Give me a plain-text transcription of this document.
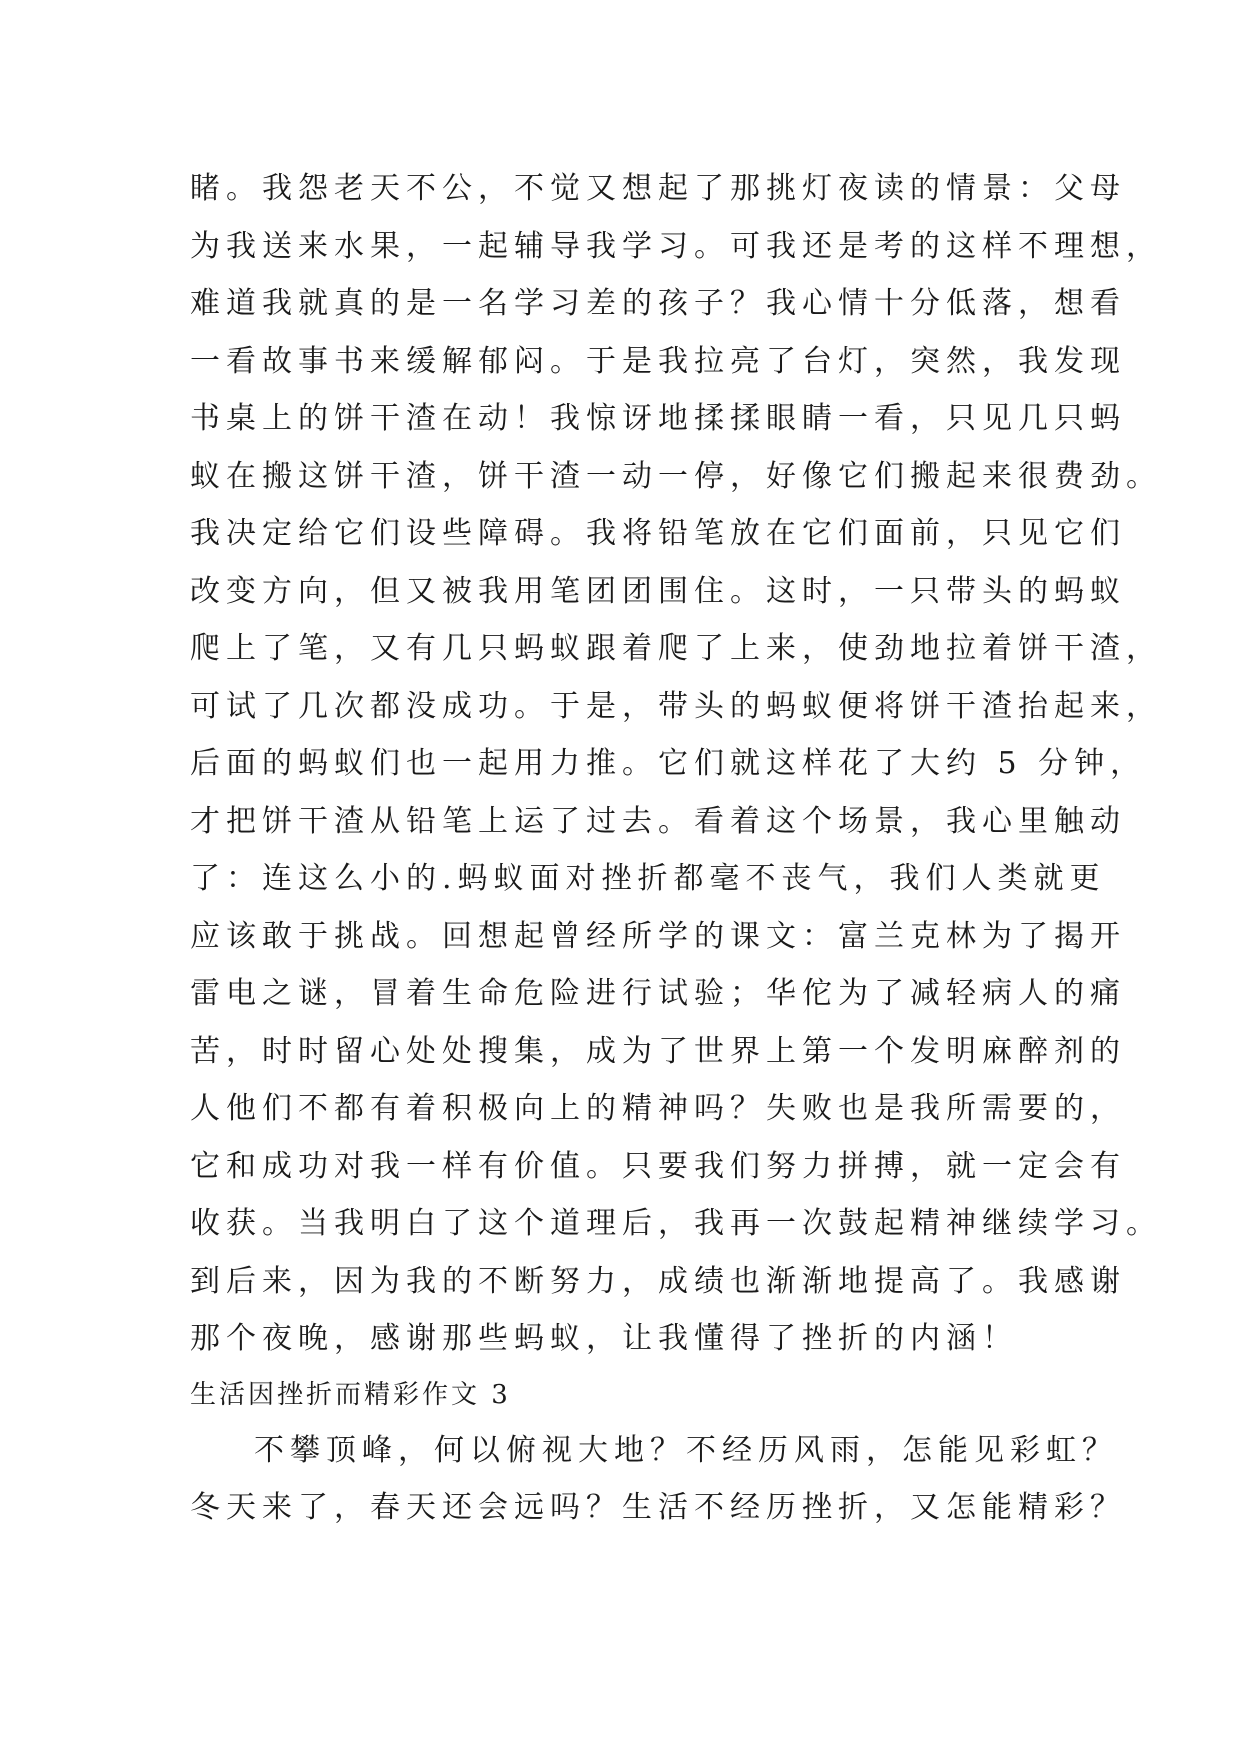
睹。我怨老天不公，不觉又想起了那挑灯夜读的情景：父母
为我送来水果，一起辅导我学习。可我还是考的这样不理想，
难道我就真的是一名学习差的孩子？我心情十分低落，想看
一看故事书来缓解郁闷。于是我拉亮了台灯，突然，我发现
书桌上的饼干渣在动！我惊讶地揉揉眼睛一看，只见几只蚂
蚁在搬这饼干渣，饼干渣一动一停，好像它们搬起来很费劲。
我决定给它们设些障碍。我将铅笔放在它们面前，只见它们
改变方向，但又被我用笔团团围住。这时，一只带头的蚂蚁
爬上了笔，又有几只蚂蚁跟着爬了上来，使劲地拉着饼干渣，
可试了几次都没成功。于是，带头的蚂蚁便将饼干渣抬起来，
后面的蚂蚁们也一起用力推。它们就这样花了大约 5 分钟，
才把饼干渣从铅笔上运了过去。看着这个场景，我心里触动
了：连这么小的.蚂蚁面对挫折都毫不丧气，我们人类就更
应该敢于挑战。回想起曾经所学的课文：富兰克林为了揭开
雷电之谜，冒着生命危险进行试验；华佗为了减轻病人的痛
苦，时时留心处处搜集，成为了世界上第一个发明麻醉剂的
人他们不都有着积极向上的精神吗？失败也是我所需要的，
它和成功对我一样有价值。只要我们努力拼搏，就一定会有
收获。当我明白了这个道理后，我再一次鼓起精神继续学习。
到后来，因为我的不断努力，成绩也渐渐地提高了。我感谢
那个夜晚，感谢那些蚂蚁，让我懂得了挫折的内涵！
生活因挫折而精彩作文 3
不攀顶峰，何以俯视大地？不经历风雨，怎能见彩虹？
冬天来了，春天还会远吗？生活不经历挫折，又怎能精彩？
